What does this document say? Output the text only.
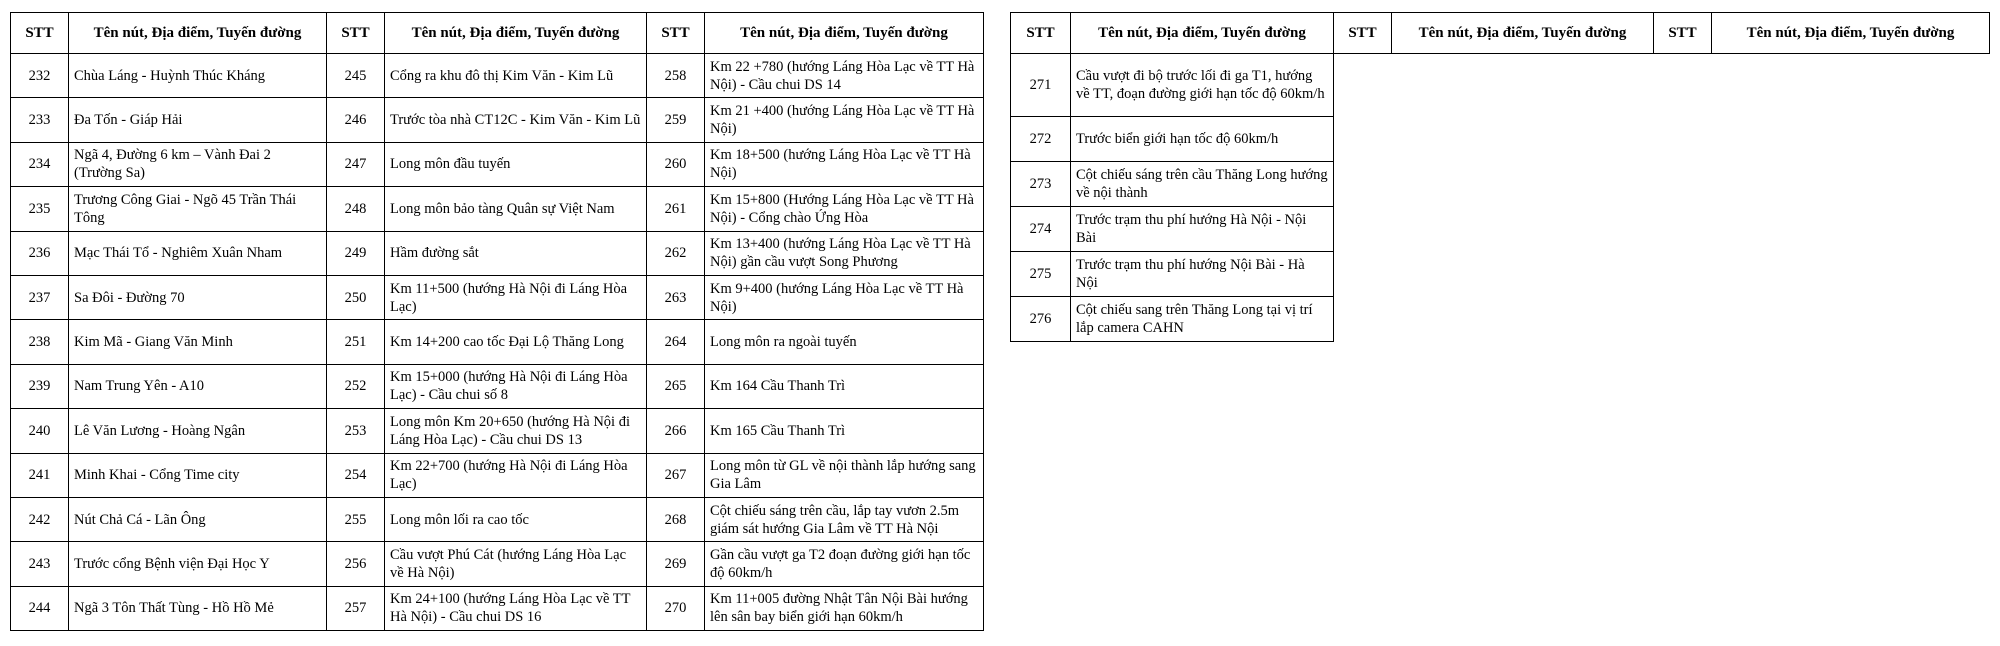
STT	Tên nút, Địa điểm, Tuyến đường	STT	Tên nút, Địa điểm, Tuyến đường	STT	Tên nút, Địa điểm, Tuyến đường
232	Chùa Láng - Huỳnh Thúc Kháng	245	Cổng ra khu đô thị Kim Văn - Kim Lũ	258	Km 22 +780 (hướng Láng Hòa Lạc về TT Hà Nội) - Cầu chui DS 14
233	Đa Tốn - Giáp Hải	246	Trước tòa nhà CT12C - Kim Văn - Kim Lũ	259	Km 21 +400 (hướng Láng Hòa Lạc về TT Hà Nội)
234	Ngã 4, Đường 6 km – Vành Đai 2 (Trường Sa)	247	Long môn đầu tuyến	260	Km 18+500 (hướng Láng Hòa Lạc về TT Hà Nội)
235	Trương Công Giai - Ngõ 45 Trần Thái Tông	248	Long môn bảo tàng Quân sự Việt Nam	261	Km 15+800 (Hướng Láng Hòa Lạc về TT Hà Nội) - Cổng chào Ứng Hòa
236	Mạc Thái Tổ - Nghiêm Xuân Nham	249	Hầm đường sắt	262	Km 13+400 (hướng Láng Hòa Lạc về TT Hà Nội) gần cầu vượt Song Phương
237	Sa Đôi - Đường 70	250	Km 11+500 (hướng Hà Nội đi Láng Hòa Lạc)	263	Km 9+400 (hướng Láng Hòa Lạc về TT Hà Nội)
238	Kim Mã - Giang Văn Minh	251	Km 14+200 cao tốc Đại Lộ Thăng Long	264	Long môn ra ngoài tuyến
239	Nam Trung Yên - A10	252	Km 15+000 (hướng Hà Nội đi Láng Hòa Lạc) - Cầu chui số 8	265	Km 164 Cầu Thanh Trì
240	Lê Văn Lương - Hoàng Ngân	253	Long môn Km 20+650 (hướng Hà Nội đi Láng Hòa Lạc) - Cầu chui DS 13	266	Km 165 Cầu Thanh Trì
241	Minh Khai - Cổng Time city	254	Km 22+700 (hướng Hà Nội đi Láng Hòa Lạc)	267	Long môn từ GL về nội thành lắp hướng sang Gia Lâm
242	Nút Chả Cá - Lãn Ông	255	Long môn lối ra cao tốc	268	Cột chiếu sáng trên cầu, lắp tay vươn 2.5m giám sát hướng Gia Lâm về TT Hà Nội
243	Trước cổng Bệnh viện Đại Học Y	256	Cầu vượt Phú Cát (hướng Láng Hòa Lạc về Hà Nội)	269	Gần cầu vượt ga T2 đoạn đường giới hạn tốc độ 60km/h
244	Ngã 3 Tôn Thất Tùng - Hồ Hồ Mẻ	257	Km 24+100 (hướng Láng Hòa Lạc về TT Hà Nội) - Cầu chui DS 16	270	Km 11+005 đường Nhật Tân Nội Bài hướng lên sân bay biển giới hạn 60km/h
STT	Tên nút, Địa điểm, Tuyến đường	STT	Tên nút, Địa điểm, Tuyến đường	STT	Tên nút, Địa điểm, Tuyến đường
271	Cầu vượt đi bộ trước lối đi ga T1, hướng về TT, đoạn đường giới hạn tốc độ 60km/h				
272	Trước biển giới hạn tốc độ 60km/h				
273	Cột chiếu sáng trên cầu Thăng Long hướng về nội thành				
274	Trước trạm thu phí hướng Hà Nội - Nội Bài				
275	Trước trạm thu phí hướng Nội Bài - Hà Nội				
276	Cột chiếu sang trên Thăng Long tại vị trí lắp camera CAHN				
